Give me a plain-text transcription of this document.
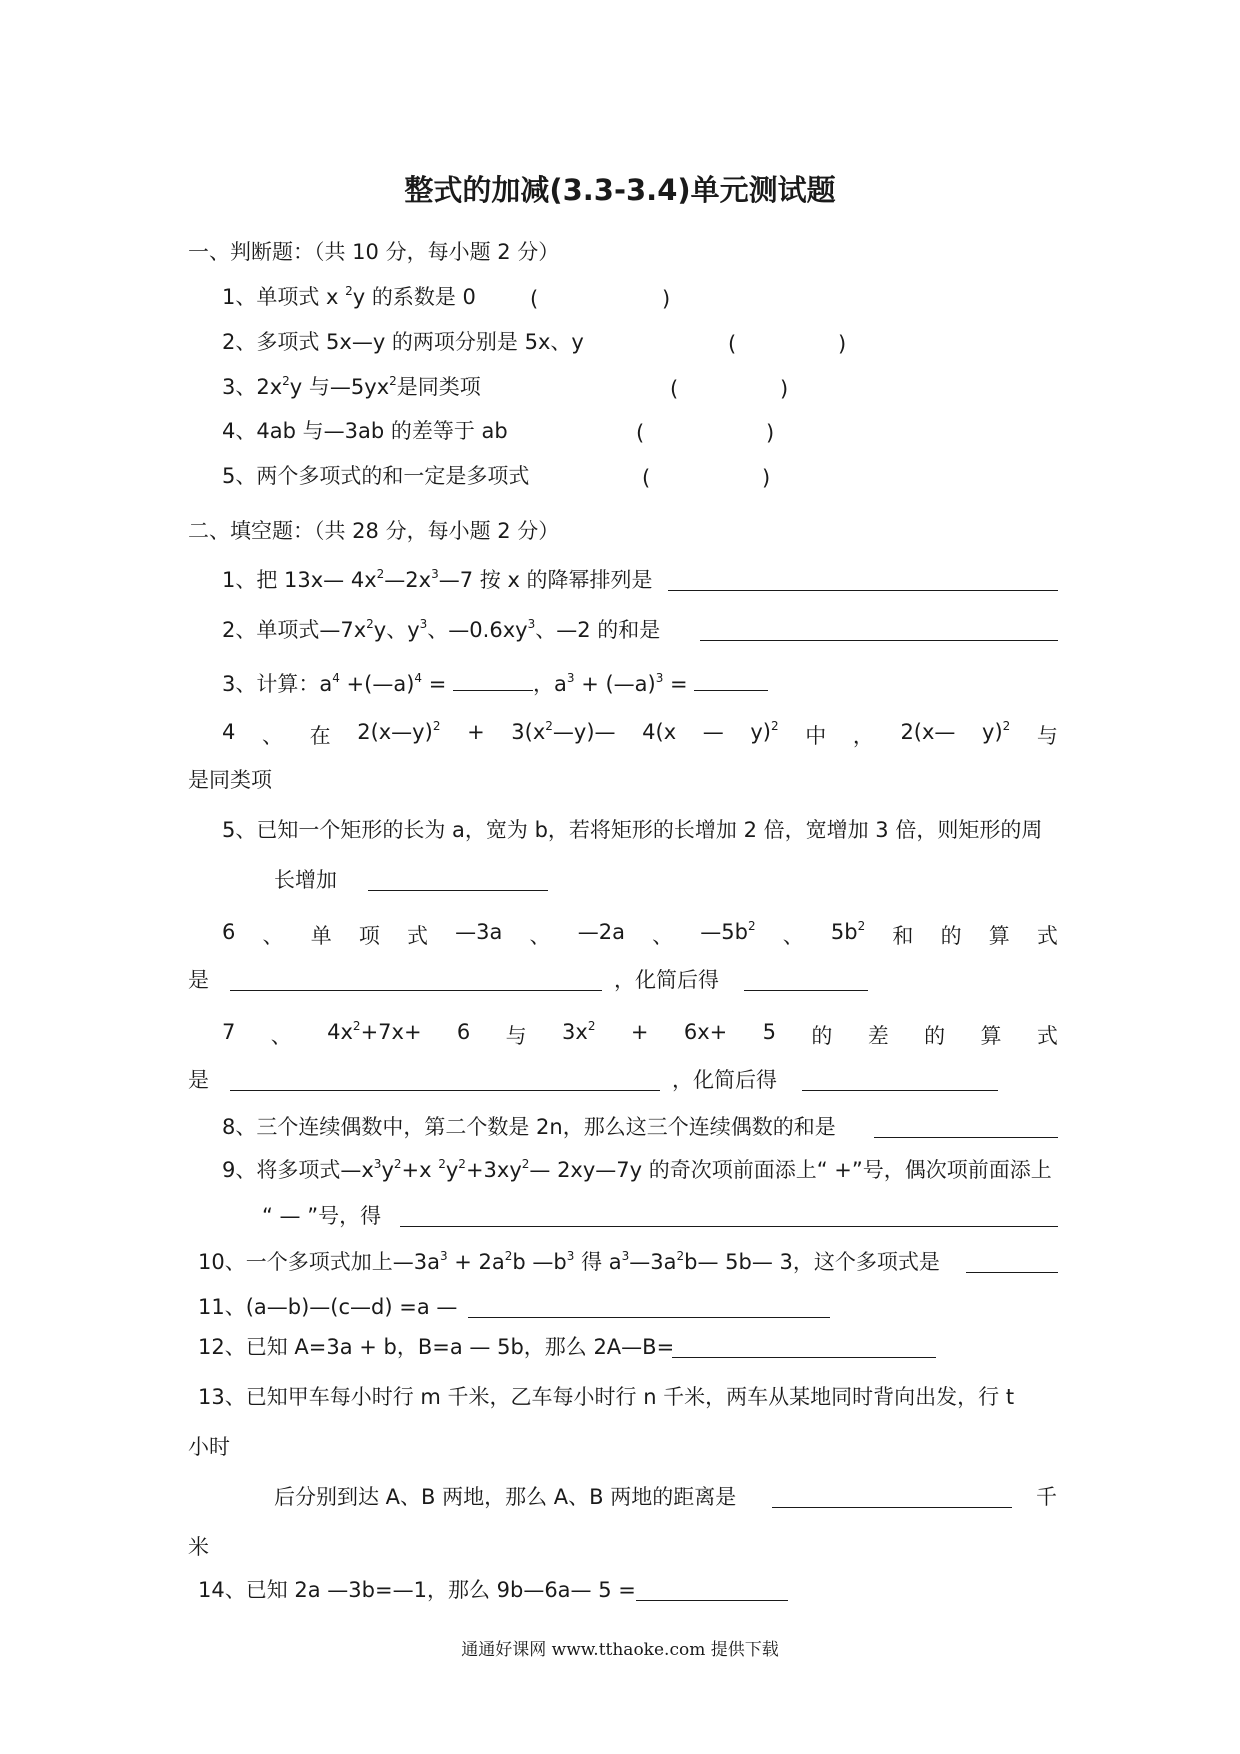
整式的加减(3.3-3.4)单元测试题
一、判断题：（共 10 分，每小题 2 分）
1、单项式 x $^2$y 的系数是 0	(	)
2、多项式 5x—y 的两项分别是 5x、y	(	)
3、$2x^2y$ 与$—5yx^2$是同类项	(	)
4、4ab 与—3ab 的差等于 ab	(	)
5、两个多项式的和一定是多项式	(	)
二、填空题：（共 28 分，每小题 2 分）
1、把 13x— $4x^2—2x^3—7$ 按 x 的降幂排列是
2、单项式$—7x^2y$、$y^3$、$—0.6xy^3$、—2 的和是
3、计算：$a^4$ +(—a)$^4$ =	，$a^3$ + (—a)$^3$ =
4 、 在 2(x—y)$^2$ + $3(x^2—y)—$ 4(x — y)$^2$ 中 ， 2(x— y)$^2$ 与
是同类项
5、已知一个矩形的长为 a，宽为 b，若将矩形的长增加 2 倍，宽增加 3 倍，则矩形的周
长增加
6 、 单 项 式 —3a 、 —2a 、 $—5b^2$ 、 $5b^2$ 和 的 算 式
是	，化简后得
7 、 $4x^2+7x+ 6$ 与 $3x^2 + 6x+ 5$ 的 差 的 算 式
是	，化简后得
8、三个连续偶数中，第二个数是 2n，那么这三个连续偶数的和是
9、将多项式$—x^3y^2+x$ $^2y^2+3xy^2—$ 2xy—7y 的奇次项前面添上“ +”号，偶次项前面添上
“ — ”号，得
10、一个多项式加上$—3a^3 + 2a^2b$ $—b^3$ 得 $a^3—3a^2b—$ 5b— 3，这个多项式是
11、(a—b)—(c—d) =a —
12、已知 A=3a + b，B=a — 5b，那么 2A—B=
13、已知甲车每小时行 m 千米，乙车每小时行 n 千米，两车从某地同时背向出发，行 t
小时
后分别到达 A、B 两地，那么 A、B 两地的距离是	千
米
14、已知 2a —3b=—1，那么 9b—6a— 5 =
通通好课网 www.tthaoke.com 提供下载
